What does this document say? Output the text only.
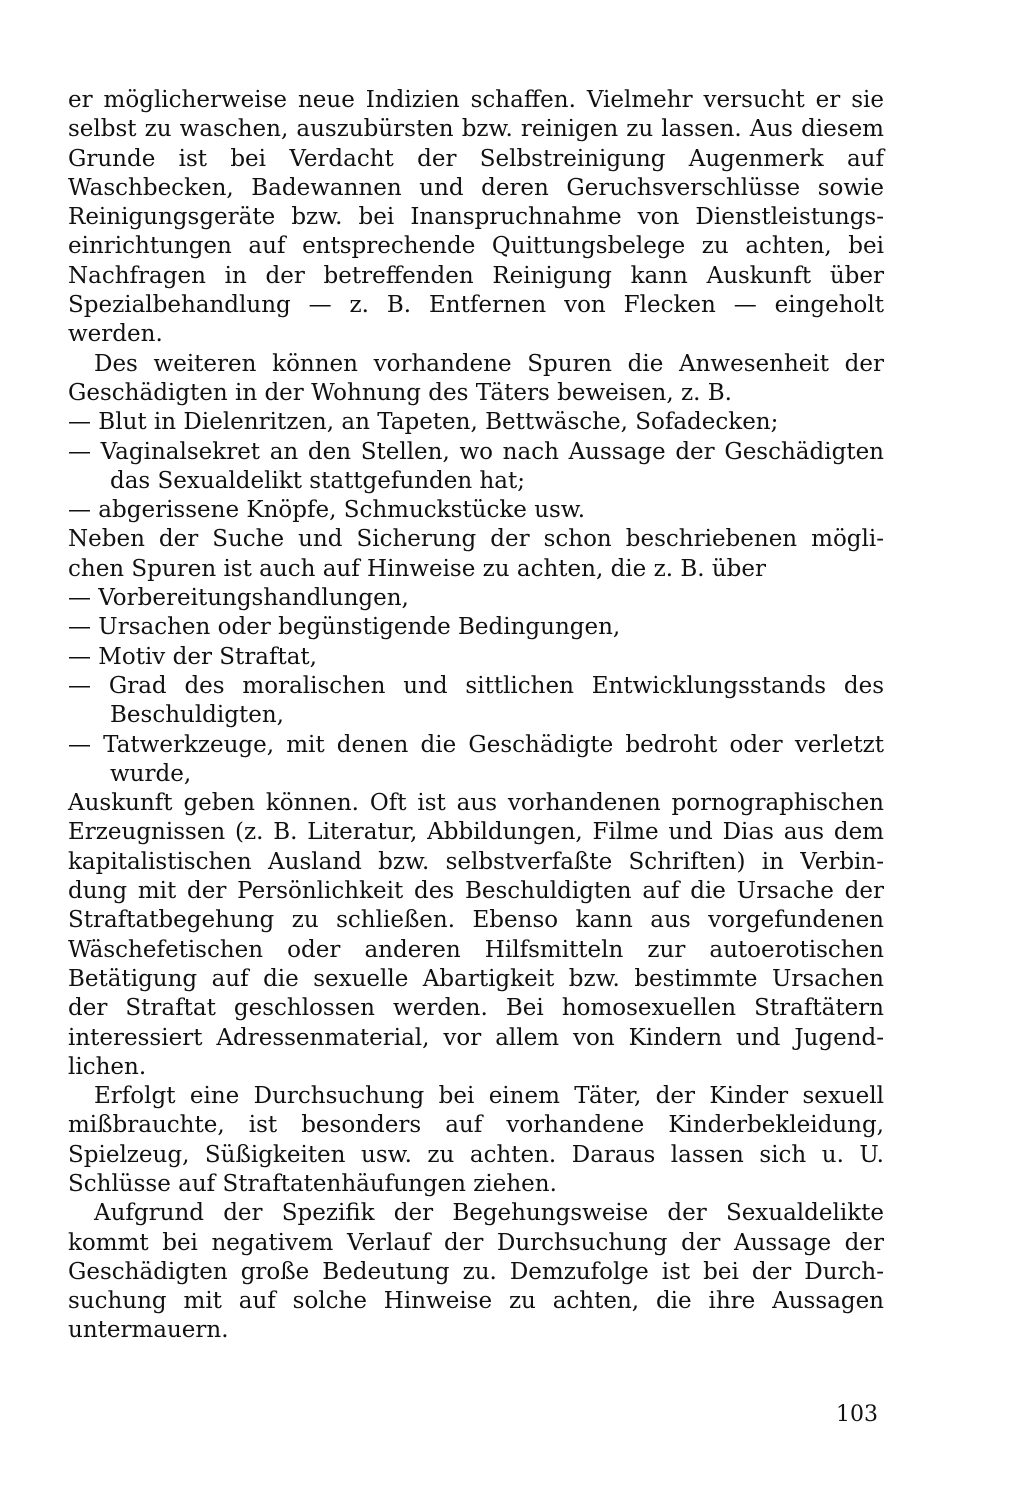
er möglicherweise neue Indizien schaffen. Vielmehr versucht er sie
selbst zu waschen, auszubürsten bzw. reinigen zu lassen. Aus diesem
Grunde ist bei Verdacht der Selbstreinigung Augenmerk auf
Waschbecken, Badewannen und deren Geruchsverschlüsse sowie
Reinigungsgeräte bzw. bei Inanspruchnahme von Dienstleistungs-
einrichtungen auf entsprechende Quittungsbelege zu achten, bei
Nachfragen in der betreffenden Reinigung kann Auskunft über
Spezialbehandlung — z. B. Entfernen von Flecken — eingeholt
werden.
Des weiteren können vorhandene Spuren die Anwesenheit der
Geschädigten in der Wohnung des Täters beweisen, z. B.
— Blut in Dielenritzen, an Tapeten, Bettwäsche, Sofadecken;
— Vaginalsekret an den Stellen, wo nach Aussage der Geschädigten
das Sexualdelikt stattgefunden hat;
— abgerissene Knöpfe, Schmuckstücke usw.
Neben der Suche und Sicherung der schon beschriebenen mögli-
chen Spuren ist auch auf Hinweise zu achten, die z. B. über
— Vorbereitungshandlungen,
— Ursachen oder begünstigende Bedingungen,
— Motiv der Straftat,
— Grad des moralischen und sittlichen Entwicklungsstands des
Beschuldigten,
— Tatwerkzeuge, mit denen die Geschädigte bedroht oder verletzt
wurde,
Auskunft geben können. Oft ist aus vorhandenen pornographischen
Erzeugnissen (z. B. Literatur, Abbildungen, Filme und Dias aus dem
kapitalistischen Ausland bzw. selbstverfaßte Schriften) in Verbin-
dung mit der Persönlichkeit des Beschuldigten auf die Ursache der
Straftatbegehung zu schließen. Ebenso kann aus vorgefundenen
Wäschefetischen oder anderen Hilfsmitteln zur autoerotischen
Betätigung auf die sexuelle Abartigkeit bzw. bestimmte Ursachen
der Straftat geschlossen werden. Bei homosexuellen Straftätern
interessiert Adressenmaterial, vor allem von Kindern und Jugend-
lichen.
Erfolgt eine Durchsuchung bei einem Täter, der Kinder sexuell
mißbrauchte, ist besonders auf vorhandene Kinderbekleidung,
Spielzeug, Süßigkeiten usw. zu achten. Daraus lassen sich u. U.
Schlüsse auf Straftatenhäufungen ziehen.
Aufgrund der Spezifik der Begehungsweise der Sexualdelikte
kommt bei negativem Verlauf der Durchsuchung der Aussage der
Geschädigten große Bedeutung zu. Demzufolge ist bei der Durch-
suchung mit auf solche Hinweise zu achten, die ihre Aussagen
untermauern.
103
